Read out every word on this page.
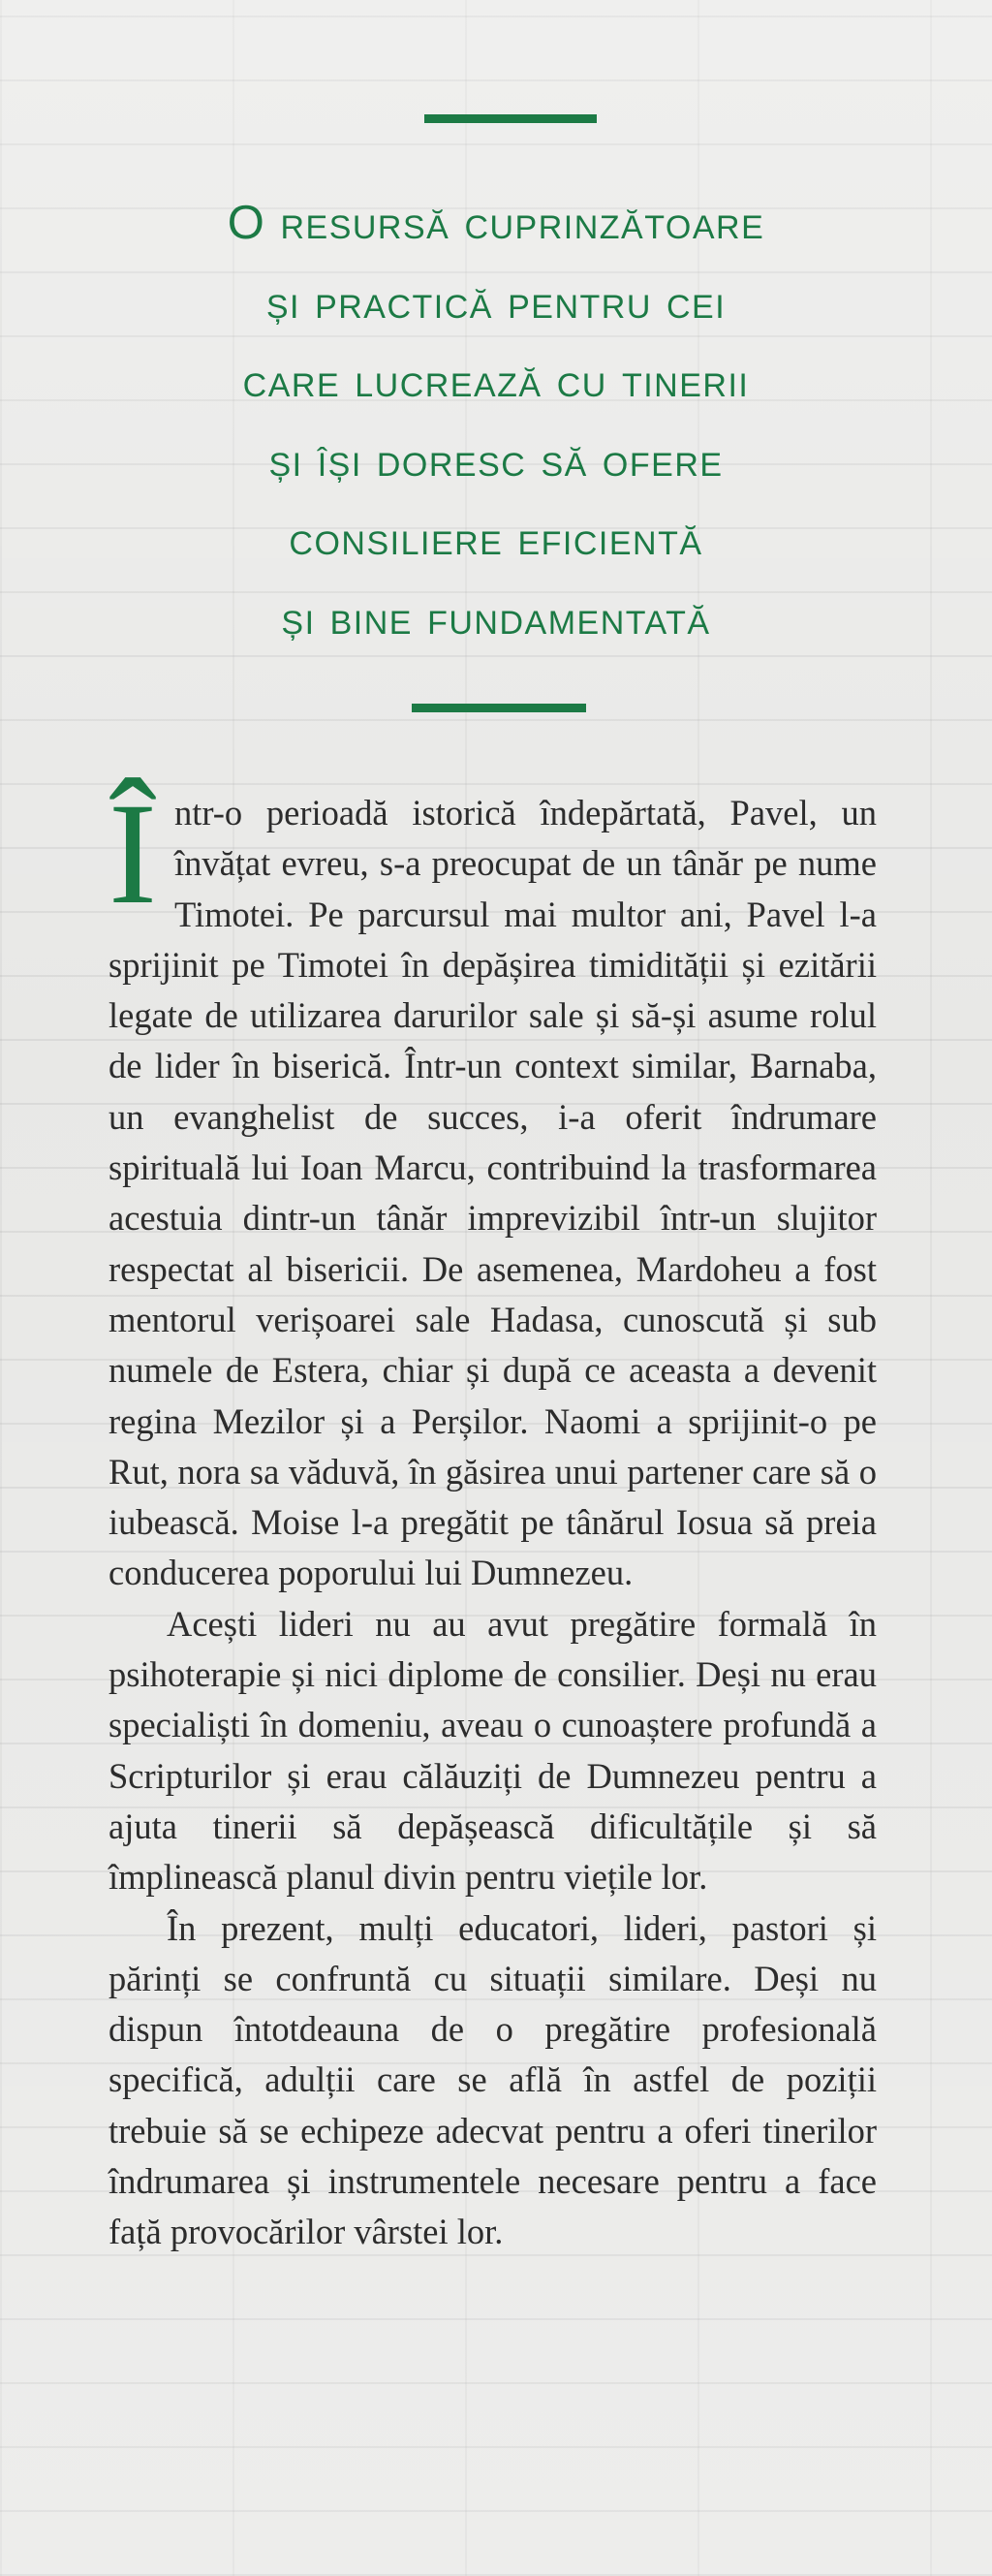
O resursă cuprinzătoare
și practică pentru cei
care lucrează cu tinerii
și își doresc să ofere
consiliere eficientă
și bine fundamentată

Într-o perioadă istorică îndepărtată, Pavel, un învățat evreu, s-a preocupat de un tânăr pe nume Timotei. Pe parcursul mai multor ani, Pavel l-a sprijinit pe Timotei în depășirea timidității și ezitării legate de utilizarea darurilor sale și să-și asume rolul de lider în biserică. Într-un context similar, Barnaba, un evanghelist de succes, i-a oferit îndrumare spirituală lui Ioan Marcu, contribuind la trasformarea acestuia dintr-un tânăr imprevizibil într-un slujitor respectat al bisericii. De asemenea, Mardoheu a fost mentorul verișoarei sale Hadasa, cunoscută și sub numele de Estera, chiar și după ce aceasta a devenit regina Mezilor și a Perșilor. Naomi a sprijinit-o pe Rut, nora sa văduvă, în găsirea unui partener care să o iubească. Moise l-a pregătit pe tânărul Iosua să preia conducerea poporului lui Dumnezeu.

Acești lideri nu au avut pregătire formală în psihoterapie și nici diplome de consilier. Deși nu erau specialiști în domeniu, aveau o cunoaștere profundă a Scripturilor și erau călăuziți de Dumnezeu pentru a ajuta tinerii să depășească dificultățile și să împlinească planul divin pentru viețile lor.

În prezent, mulți educatori, lideri, pastori și părinți se confruntă cu situații similare. Deși nu dispun întotdeauna de o pregătire profesională specifică, adulții care se află în astfel de poziții trebuie să se echipeze adecvat pentru a oferi tinerilor îndrumarea și instrumentele necesare pentru a face față provocărilor vârstei lor.
